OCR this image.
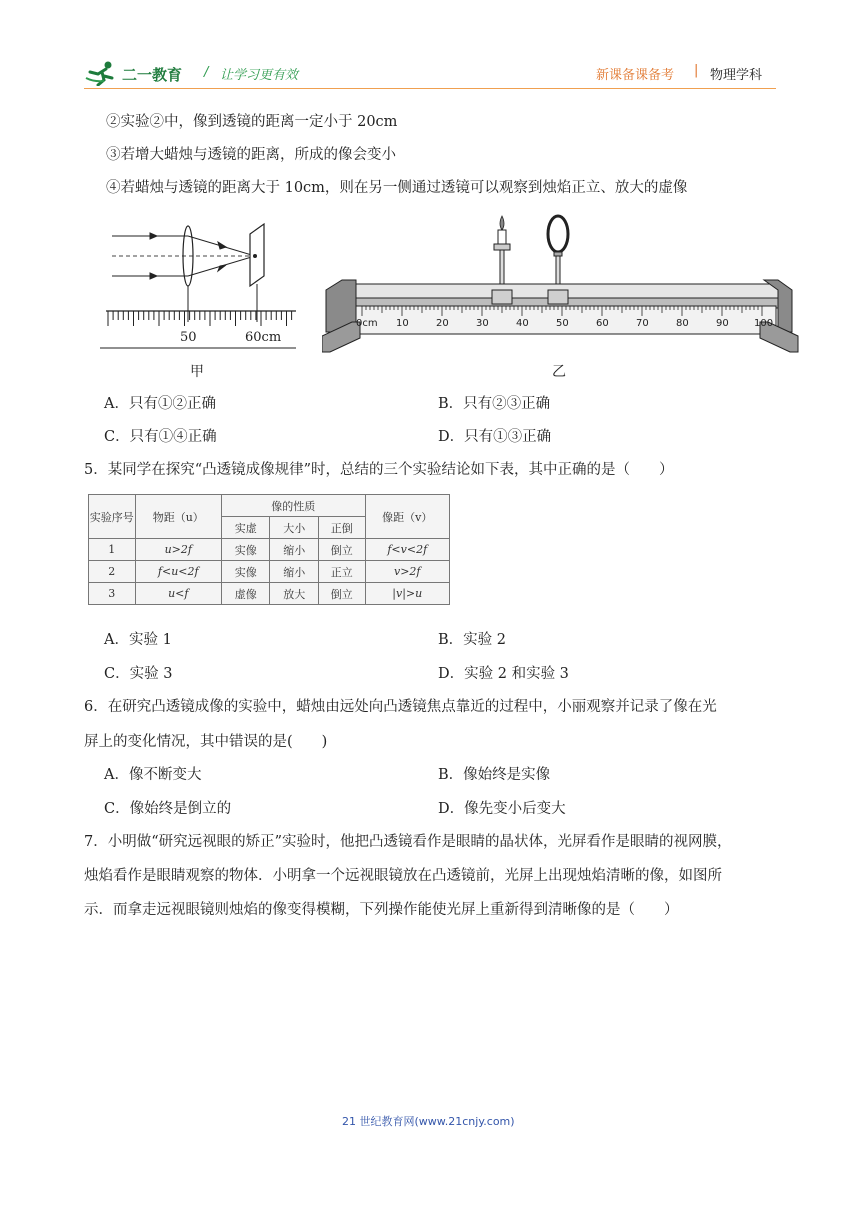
二一教育 / 让学习更有效	新课备课备考 | 物理学科
②实验②中，像到透镜的距离一定小于 20cm
③若增大蜡烛与透镜的距离，所成的像会变小
④若蜡烛与透镜的距离大于 10cm，则在另一侧通过透镜可以观察到烛焰正立、放大的虚像
50	60cm
甲
0cm 10	20	30	40	50	60	70	80	90	100
乙
A．只有①②正确	B．只有②③正确
C．只有①④正确	D．只有①③正确
5．某同学在探究“凸透镜成像规律”时，总结的三个实验结论如下表，其中正确的是（　　）
实验序号	物距（u）	像的性质			像距（v）
		实虚	大小	正倒	
1	u>2f	实像	缩小	倒立	f<v<2f
2	f<u<2f	实像	缩小	正立	v>2f
3	u<f	虚像	放大	倒立	|v|>u
A．实验 1	B．实验 2
C．实验 3	D．实验 2 和实验 3
6．在研究凸透镜成像的实验中，蜡烛由远处向凸透镜焦点靠近的过程中，小丽观察并记录了像在光
屏上的变化情况，其中错误的是(　　)
A．像不断变大	B．像始终是实像
C．像始终是倒立的	D．像先变小后变大
7．小明做“研究远视眼的矫正”实验时，他把凸透镜看作是眼睛的晶状体，光屏看作是眼睛的视网膜，
烛焰看作是眼睛观察的物体．小明拿一个远视眼镜放在凸透镜前，光屏上出现烛焰清晰的像，如图所
示．而拿走远视眼镜则烛焰的像变得模糊，下列操作能使光屏上重新得到清晰像的是（　　）
21 世纪教育网(www.21cnjy.com)
